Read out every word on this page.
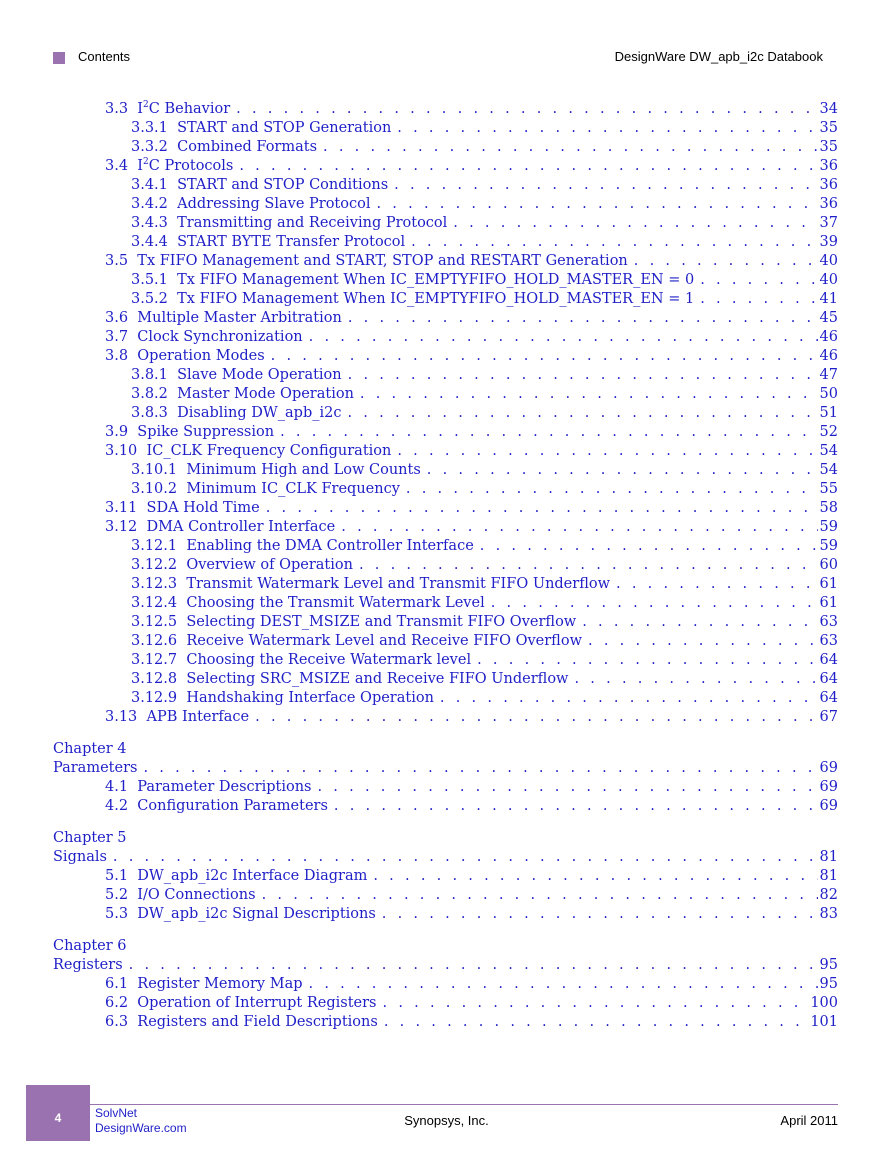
Contents	DesignWare DW_apb_i2c Databook
3.3 $I^2C$ Behavior . . .	34
3.3.1 START and STOP Generation . . .	35
3.3.2 Combined Formats . . .	35
3.4 $I^2C$ Protocols . . .	36
3.4.1 START and STOP Conditions . . .	36
3.4.2 Addressing Slave Protocol . . .	36
3.4.3 Transmitting and Receiving Protocol . . .	37
3.4.4 START BYTE Transfer Protocol . . .	39
3.5 Tx FIFO Management and START, STOP and RESTART Generation . . .	40
3.5.1 Tx FIFO Management When IC_EMPTYFIFO_HOLD_MASTER_EN = 0 . . .	40
3.5.2 Tx FIFO Management When IC_EMPTYFIFO_HOLD_MASTER_EN = 1 . . .	41
3.6 Multiple Master Arbitration . . .	45
3.7 Clock Synchronization . . .	46
3.8 Operation Modes . . .	46
3.8.1 Slave Mode Operation . . .	47
3.8.2 Master Mode Operation . . .	50
3.8.3 Disabling DW_apb_i2c . . .	51
3.9 Spike Suppression . . .	52
3.10 IC_CLK Frequency Configuration . . .	54
3.10.1 Minimum High and Low Counts . . .	54
3.10.2 Minimum IC_CLK Frequency . . .	55
3.11 SDA Hold Time . . .	58
3.12 DMA Controller Interface . . .	59
3.12.1 Enabling the DMA Controller Interface . . .	59
3.12.2 Overview of Operation . . .	60
3.12.3 Transmit Watermark Level and Transmit FIFO Underflow . . .	61
3.12.4 Choosing the Transmit Watermark Level . . .	61
3.12.5 Selecting DEST_MSIZE and Transmit FIFO Overflow . . .	63
3.12.6 Receive Watermark Level and Receive FIFO Overflow . . .	63
3.12.7 Choosing the Receive Watermark level . . .	64
3.12.8 Selecting SRC_MSIZE and Receive FIFO Underflow . . .	64
3.12.9 Handshaking Interface Operation . . .	64
3.13 APB Interface . . .	67
Chapter 4
Parameters . . .	69
4.1 Parameter Descriptions . . .	69
4.2 Configuration Parameters . . .	69
Chapter 5
Signals . . .	81
5.1 DW_apb_i2c Interface Diagram . . .	81
5.2 I/O Connections . . .	82
5.3 DW_apb_i2c Signal Descriptions . . .	83
Chapter 6
Registers . . .	95
6.1 Register Memory Map . . .	95
6.2 Operation of Interrupt Registers . . .	100
6.3 Registers and Field Descriptions . . .	101
4	SolvNet
DesignWare.com	Synopsys, Inc.	April 2011
